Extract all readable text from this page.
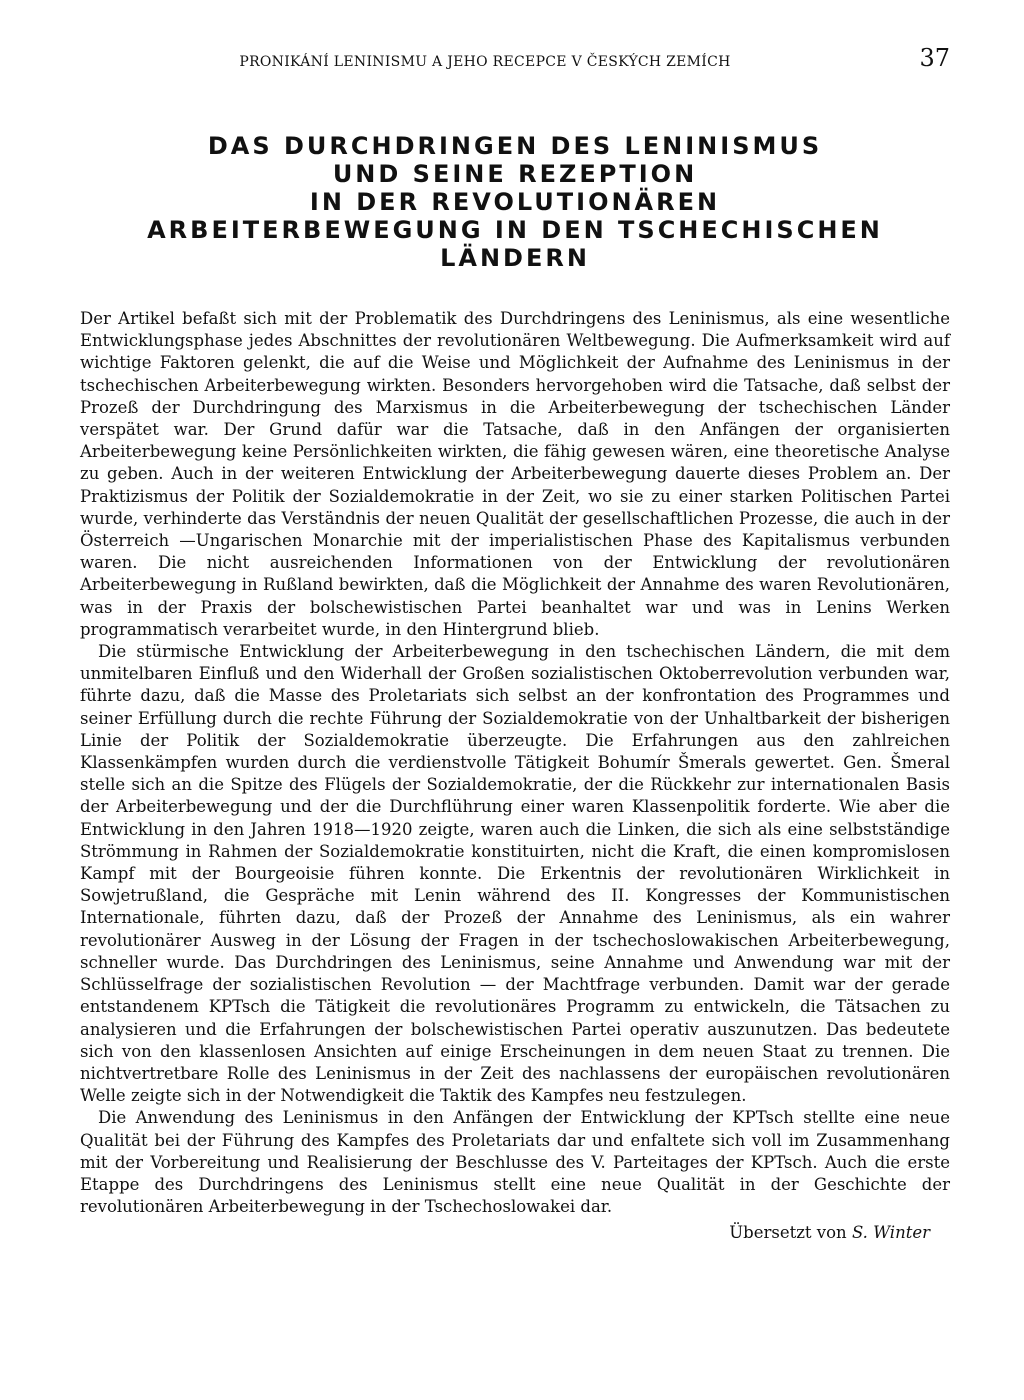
PRONIKÁNÍ LENINISMU A JEHO RECEPCE V ČESKÝCH ZEMÍCH	37
DAS DURCHDRINGEN DES LENINISMUS
UND SEINE REZEPTION
IN DER REVOLUTIONÄREN
ARBEITERBEWEGUNG IN DEN TSCHECHISCHEN
LÄNDERN

Der Artikel befaßt sich mit der Problematik des Durchdringens des Leninismus, als eine wesentliche Entwicklungsphase jedes Abschnittes der revolutionären Weltbewegung. Die Aufmerksamkeit wird auf wichtige Faktoren gelenkt, die auf die Weise und Möglichkeit der Aufnahme des Leninismus in der tschechischen Arbeiterbewegung wirkten. Besonders hervorgehoben wird die Tatsache, daß selbst der Prozeß der Durchdringung des Marxismus in die Arbeiterbewegung der tschechischen Länder verspätet war. Der Grund dafür war die Tatsache, daß in den Anfängen der organisierten Arbeiterbewegung keine Persönlichkeiten wirkten, die fähig gewesen wären, eine theoretische Analyse zu geben. Auch in der weiteren Entwicklung der Arbeiterbewegung dauerte dieses Problem an. Der Praktizismus der Politik der Sozialdemokratie in der Zeit, wo sie zu einer starken Politischen Partei wurde, verhinderte das Verständnis der neuen Qualität der gesellschaftlichen Prozesse, die auch in der Österreich —Ungarischen Monarchie mit der imperialistischen Phase des Kapitalismus verbunden waren. Die nicht ausreichenden Informationen von der Entwicklung der revolutionären Arbeiterbewegung in Rußland bewirkten, daß die Möglichkeit der Annahme des waren Revolutionären, was in der Praxis der bolschewistischen Partei beanhaltet war und was in Lenins Werken programmatisch verarbeitet wurde, in den Hintergrund blieb.

Die stürmische Entwicklung der Arbeiterbewegung in den tschechischen Ländern, die mit dem unmitelbaren Einfluß und den Widerhall der Großen sozialistischen Oktoberrevolution verbunden war, führte dazu, daß die Masse des Proletariats sich selbst an der konfrontation des Programmes und seiner Erfüllung durch die rechte Führung der Sozialdemokratie von der Unhaltbarkeit der bisherigen Linie der Politik der Sozialdemokratie überzeugte. Die Erfahrungen aus den zahlreichen Klassenkämpfen wurden durch die verdienstvolle Tätigkeit Bohumír Šmerals gewertet. Gen. Šmeral stelle sich an die Spitze des Flügels der Sozialdemokratie, der die Rückkehr zur internationalen Basis der Arbeiterbewegung und der die Durchflührung einer waren Klassenpolitik forderte. Wie aber die Entwicklung in den Jahren 1918—1920 zeigte, waren auch die Linken, die sich als eine selbstständige Strömmung in Rahmen der Sozialdemokratie konstituirten, nicht die Kraft, die einen kompromislosen Kampf mit der Bourgeoisie führen konnte. Die Erkentnis der revolutionären Wirklichkeit in Sowjetrußland, die Gespräche mit Lenin während des II. Kongresses der Kommunistischen Internationale, führten dazu, daß der Prozeß der Annahme des Leninismus, als ein wahrer revolutionärer Ausweg in der Lösung der Fragen in der tschechoslowakischen Arbeiterbewegung, schneller wurde. Das Durchdringen des Leninismus, seine Annahme und Anwendung war mit der Schlüsselfrage der sozialistischen Revolution — der Machtfrage verbunden. Damit war der gerade entstandenem KPTsch die Tätigkeit die revolutionäres Programm zu entwickeln, die Tätsachen zu analysieren und die Erfahrungen der bolschewistischen Partei operativ auszunutzen. Das bedeutete sich von den klassenlosen Ansichten auf einige Erscheinungen in dem neuen Staat zu trennen. Die nichtvertretbare Rolle des Leninismus in der Zeit des nachlassens der europäischen revolutionären Welle zeigte sich in der Notwendigkeit die Taktik des Kampfes neu festzulegen.

Die Anwendung des Leninismus in den Anfängen der Entwicklung der KPTsch stellte eine neue Qualität bei der Führung des Kampfes des Proletariats dar und enfaltete sich voll im Zusammenhang mit der Vorbereitung und Realisierung der Beschlusse des V. Parteitages der KPTsch. Auch die erste Etappe des Durchdringens des Leninismus stellt eine neue Qualität in der Geschichte der revolutionären Arbeiterbewegung in der Tschechoslowakei dar.

Übersetzt von S. Winter
